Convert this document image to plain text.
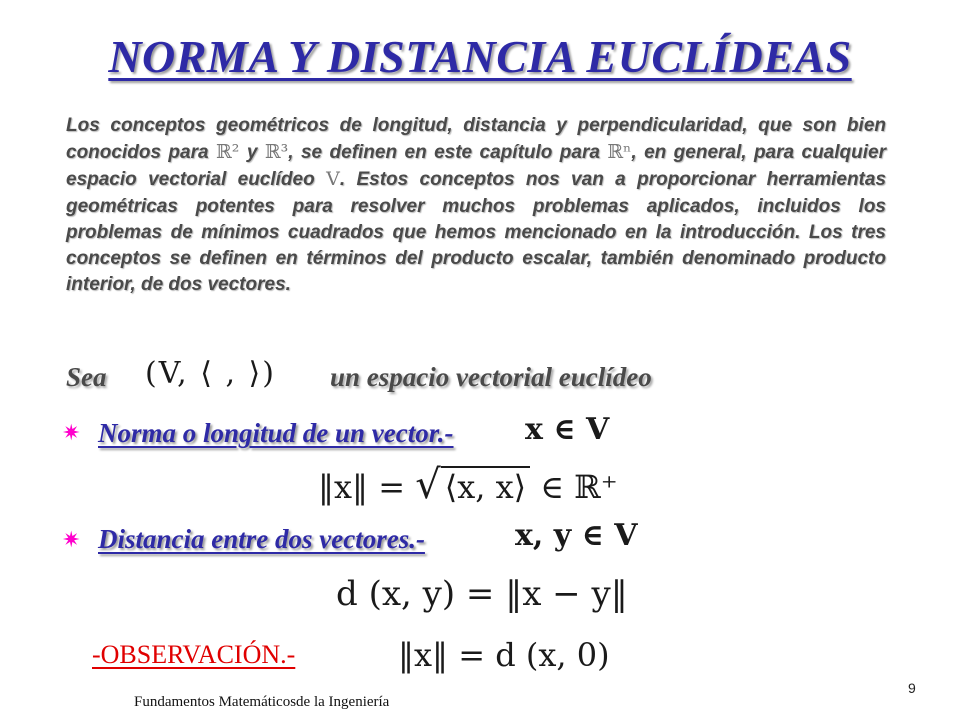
NORMA Y DISTANCIA EUCLÍDEAS
Los conceptos geométricos de longitud, distancia y perpendicularidad, que son bien conocidos para ℝ² y ℝ³, se definen en este capítulo para ℝⁿ, en general, para cualquier espacio vectorial euclídeo V. Estos conceptos nos van a proporcionar herramientas geométricas potentes para resolver muchos problemas aplicados, incluidos los problemas de mínimos cuadrados que hemos mencionado en la introducción. Los tres conceptos se definen en términos del producto escalar, también denominado producto interior, de dos vectores.
Sea (V, ⟨ , ⟩) un espacio vectorial euclídeo
✷ Norma o longitud de un vector.- x ∈ V
‖x‖ = √ ⟨x, x⟩ ∈ ℝ⁺
✷ Distancia entre dos vectores.-	x, y ∈ V
d (x, y) = ‖x − y‖
-OBSERVACIÓN.-	‖x‖ = d (x, 0)
Fundamentos Matemáticosde la Ingeniería
9
